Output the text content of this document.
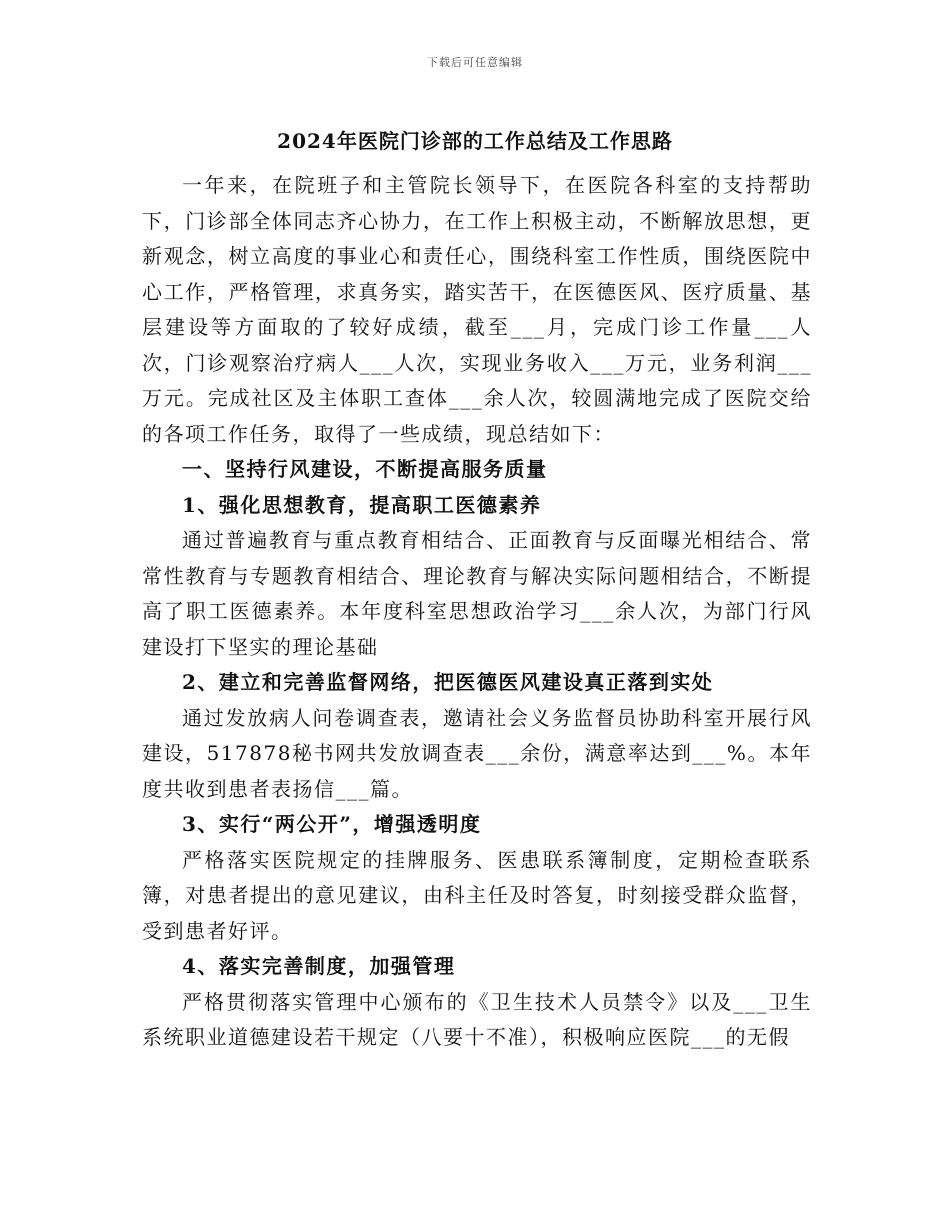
下载后可任意编辑
2024年医院门诊部的工作总结及工作思路

一年来，在院班子和主管院长领导下，在医院各科室的支持帮助下，门诊部全体同志齐心协力，在工作上积极主动，不断解放思想，更新观念，树立高度的事业心和责任心，围绕科室工作性质，围绕医院中心工作，严格管理，求真务实，踏实苦干，在医德医风、医疗质量、基层建设等方面取的了较好成绩，截至___月，完成门诊工作量___人次，门诊观察治疗病人___人次，实现业务收入___万元，业务利润___万元。完成社区及主体职工查体___余人次，较圆满地完成了医院交给的各项工作任务，取得了一些成绩，现总结如下：

一、坚持行风建设，不断提高服务质量
1、强化思想教育，提高职工医德素养

通过普遍教育与重点教育相结合、正面教育与反面曝光相结合、常常性教育与专题教育相结合、理论教育与解决实际问题相结合，不断提高了职工医德素养。本年度科室思想政治学习___余人次，为部门行风建设打下坚实的理论基础

2、建立和完善监督网络，把医德医风建设真正落到实处

通过发放病人问卷调查表，邀请社会义务监督员协助科室开展行风建设，517878秘书网共发放调查表___余份，满意率达到___%。本年度共收到患者表扬信___篇。

3、实行“两公开”，增强透明度

严格落实医院规定的挂牌服务、医患联系簿制度，定期检查联系簿，对患者提出的意见建议，由科主任及时答复，时刻接受群众监督，受到患者好评。

4、落实完善制度，加强管理

严格贯彻落实管理中心颁布的《卫生技术人员禁令》以及___卫生系统职业道德建设若干规定（八要十不准），积极响应医院___的无假
